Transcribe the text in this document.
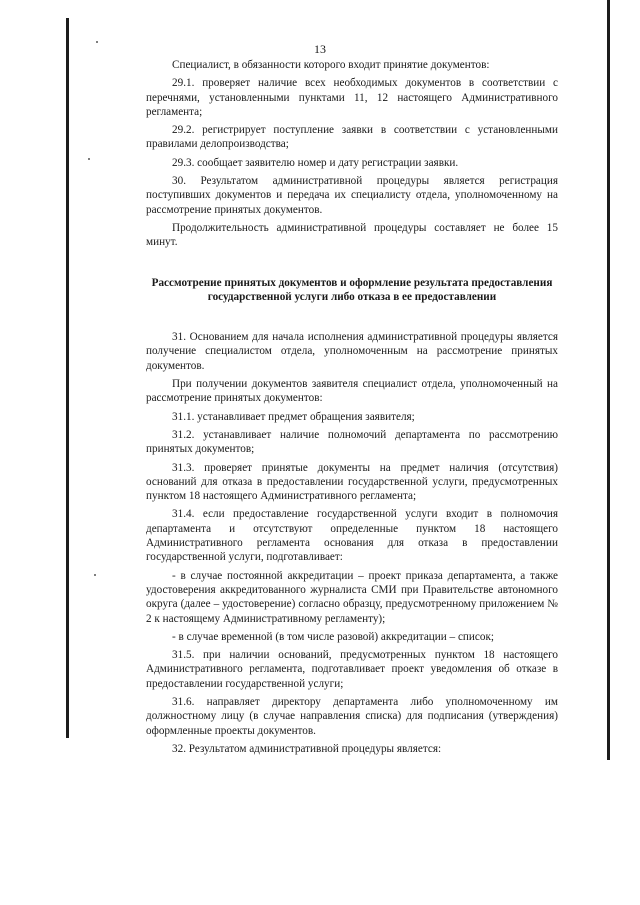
13

Специалист, в обязанности которого входит принятие документов:

29.1. проверяет наличие всех необходимых документов в соответствии с перечнями, установленными пунктами 11, 12 настоящего Административного регламента;

29.2. регистрирует поступление заявки в соответствии с установленными правилами делопроизводства;

29.3. сообщает заявителю номер и дату регистрации заявки.

30. Результатом административной процедуры является регистрация поступивших документов и передача их специалисту отдела, уполномоченному на рассмотрение принятых документов.

Продолжительность административной процедуры составляет не более 15 минут.

Рассмотрение принятых документов и оформление результата предоставления государственной услуги либо отказа в ее предоставлении

31. Основанием для начала исполнения административной процедуры является получение специалистом отдела, уполномоченным на рассмотрение принятых документов.

При получении документов заявителя специалист отдела, уполномоченный на рассмотрение принятых документов:

31.1. устанавливает предмет обращения заявителя;

31.2. устанавливает наличие полномочий департамента по рассмотрению принятых документов;

31.3. проверяет принятые документы на предмет наличия (отсутствия) оснований для отказа в предоставлении государственной услуги, предусмотренных пунктом 18 настоящего Административного регламента;

31.4. если предоставление государственной услуги входит в полномочия департамента и отсутствуют определенные пунктом 18 настоящего Административного регламента основания для отказа в предоставлении государственной услуги, подготавливает:

- в случае постоянной аккредитации – проект приказа департамента, а также удостоверения аккредитованного журналиста СМИ при Правительстве автономного округа (далее – удостоверение) согласно образцу, предусмотренному приложением № 2 к настоящему Административному регламенту);

- в случае временной (в том числе разовой) аккредитации – список;

31.5. при наличии оснований, предусмотренных пунктом 18 настоящего Административного регламента, подготавливает проект уведомления об отказе в предоставлении государственной услуги;

31.6. направляет директору департамента либо уполномоченному им должностному лицу (в случае направления списка) для подписания (утверждения) оформленные проекты документов.

32. Результатом административной процедуры является:
